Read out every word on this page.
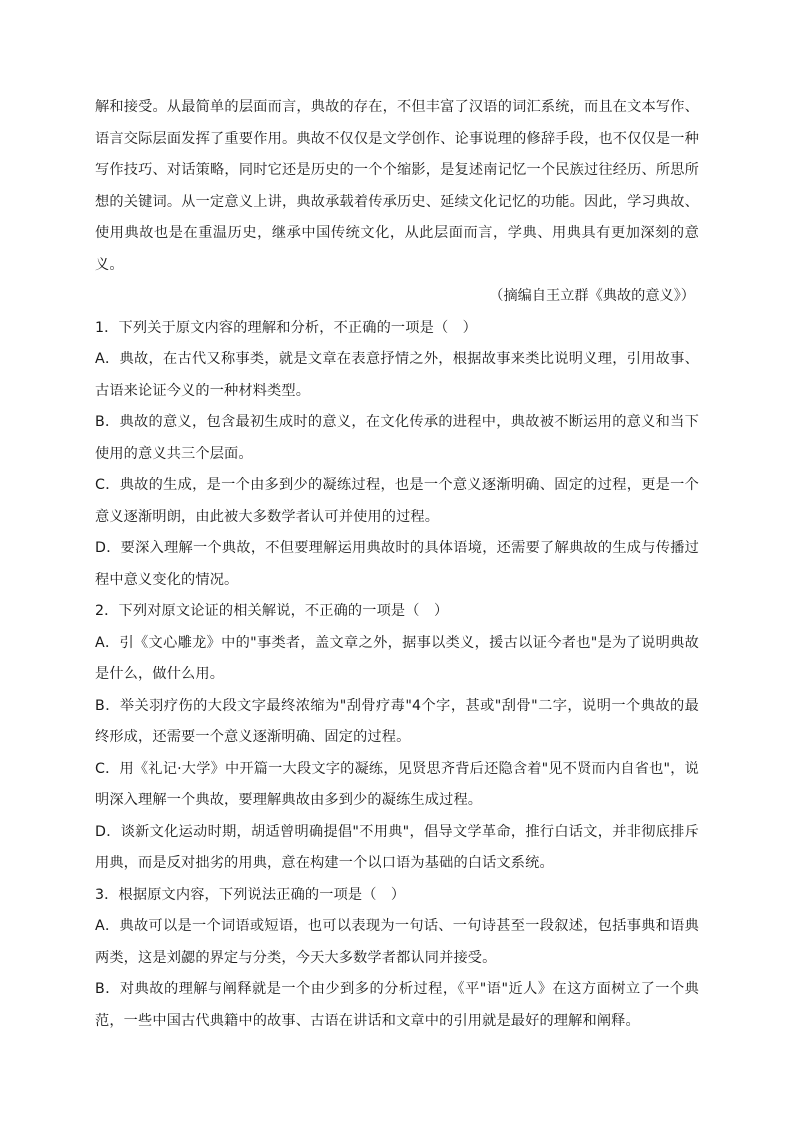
解和接受。从最简单的层面而言，典故的存在，不但丰富了汉语的词汇系统，而且在文本写作、语言交际层面发挥了重要作用。典故不仅仅是文学创作、论事说理的修辞手段，也不仅仅是一种写作技巧、对话策略，同时它还是历史的一个个缩影，是复述南记忆一个民族过往经历、所思所想的关键词。从一定意义上讲，典故承载着传承历史、延续文化记忆的功能。因此，学习典故、使用典故也是在重温历史，继承中国传统文化，从此层面而言，学典、用典具有更加深刻的意义。

（摘编自王立群《典故的意义》）

1．下列关于原文内容的理解和分析，不正确的一项是（　）

A．典故，在古代又称事类，就是文章在表意抒情之外，根据故事来类比说明义理，引用故事、古语来论证今义的一种材料类型。

B．典故的意义，包含最初生成时的意义，在文化传承的进程中，典故被不断运用的意义和当下使用的意义共三个层面。

C．典故的生成，是一个由多到少的凝练过程，也是一个意义逐渐明确、固定的过程，更是一个意义逐渐明朗，由此被大多数学者认可并使用的过程。

D．要深入理解一个典故，不但要理解运用典故时的具体语境，还需要了解典故的生成与传播过程中意义变化的情况。

2．下列对原文论证的相关解说，不正确的一项是（　）

A．引《文心雕龙》中的"事类者，盖文章之外，据事以类义，援古以证今者也"是为了说明典故是什么，做什么用。

B．举关羽疗伤的大段文字最终浓缩为"刮骨疗毒"4个字，甚或"刮骨"二字，说明一个典故的最终形成，还需要一个意义逐渐明确、固定的过程。

C．用《礼记·大学》中开篇一大段文字的凝练，见贤思齐背后还隐含着"见不贤而内自省也"，说明深入理解一个典故，要理解典故由多到少的凝练生成过程。

D．谈新文化运动时期，胡适曾明确提倡"不用典"，倡导文学革命，推行白话文，并非彻底排斥用典，而是反对拙劣的用典，意在构建一个以口语为基础的白话文系统。

3．根据原文内容，下列说法正确的一项是（　）

A．典故可以是一个词语或短语，也可以表现为一句话、一句诗甚至一段叙述，包括事典和语典两类，这是刘勰的界定与分类，今天大多数学者都认同并接受。

B．对典故的理解与阐释就是一个由少到多的分析过程，《平"语"近人》在这方面树立了一个典范，一些中国古代典籍中的故事、古语在讲话和文章中的引用就是最好的理解和阐释。
